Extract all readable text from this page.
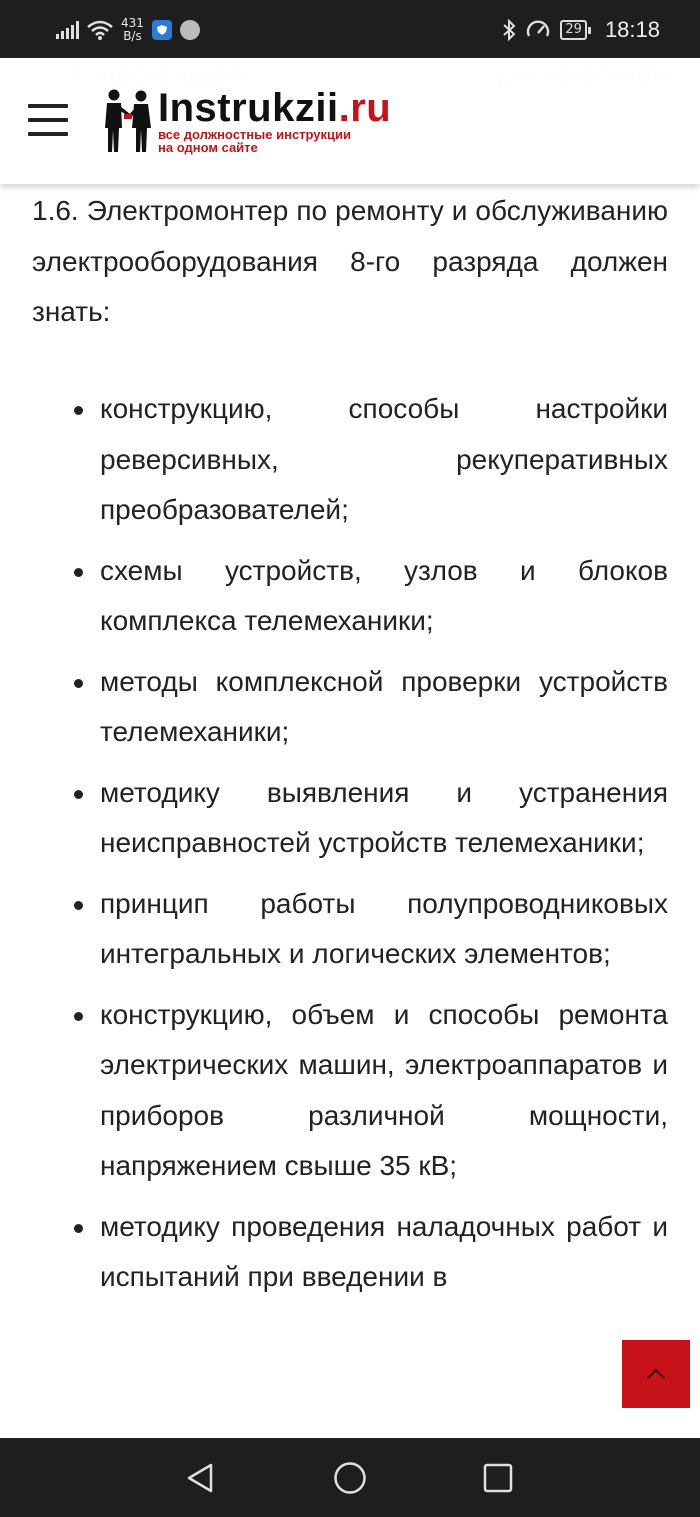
431
B/s	29 18:18
1.6. Электромонтер по ремонту и обслуживанию электрооборудования 8-го разряда должен знать:
конструкцию, способы настройки реверсивных, рекуперативных преобразователей;
схемы устройств, узлов и блоков комплекса телемеханики;
методы комплексной проверки устройств телемеханики;
методику выявления и устранения неисправностей устройств телемеханики;
принцип работы полупроводниковых интегральных и логических элементов;
конструкцию, объем и способы ремонта электрических машин, электроаппаратов и приборов различной мощности, напряжением свыше 35 кВ;
методику проведения наладочных работ и испытаний при введении в
Instrukzii.ru
все должностные инструкции
на одном сайте
